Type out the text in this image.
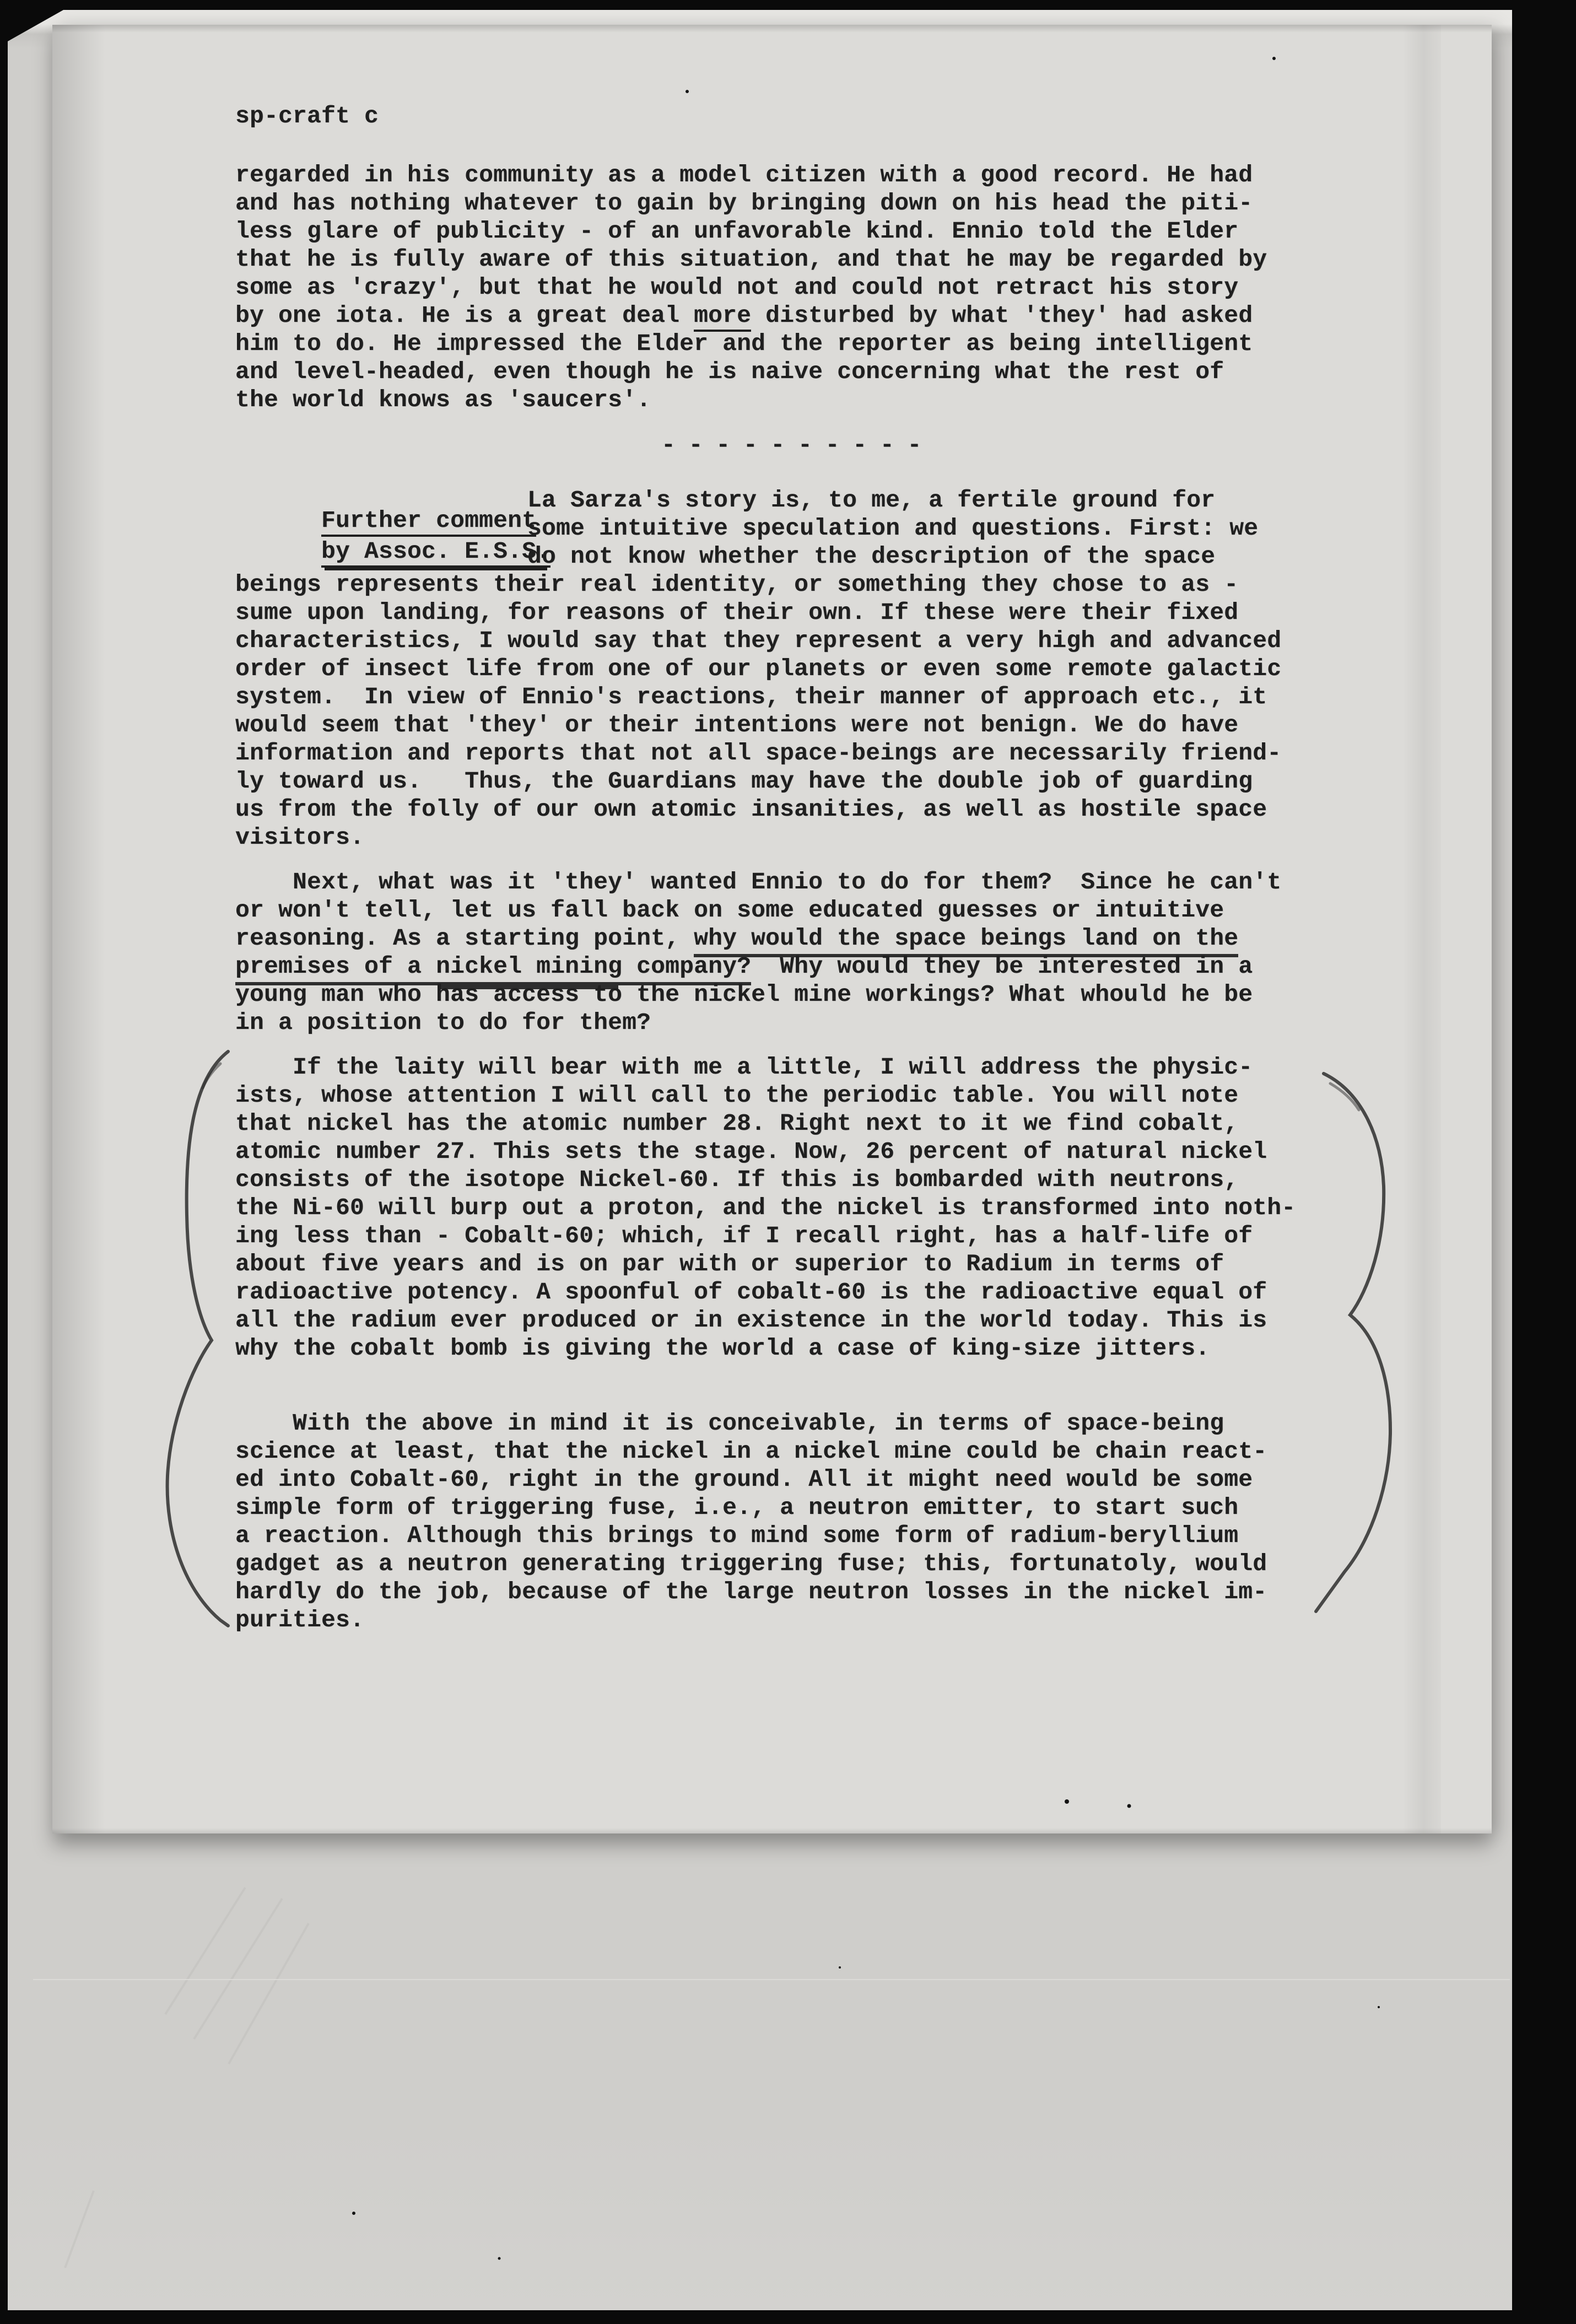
sp-craft c
regarded in his community as a model citizen with a good record. He had
and has nothing whatever to gain by bringing down on his head the piti-
less glare of publicity - of an unfavorable kind. Ennio told the Elder
that he is fully aware of this situation, and that he may be regarded by
some as 'crazy', but that he would not and could not retract his story
by one iota. He is a great deal more disturbed by what 'they' had asked
him to do. He impressed the Elder and the reporter as being intelligent
and level-headed, even though he is naive concerning what the rest of
the world knows as 'saucers'.
- - - - - - - - - -

Further comment

by Assoc. E.S.S.

La Sarza's story is, to me, a fertile ground for
some intuitive speculation and questions. First: we
do not know whether the description of the space
beings represents their real identity, or something they chose to as -
sume upon landing, for reasons of their own. If these were their fixed
characteristics, I would say that they represent a very high and advanced
order of insect life from one of our planets or even some remote galactic
system.  In view of Ennio's reactions, their manner of approach etc., it
would seem that 'they' or their intentions were not benign. We do have
information and reports that not all space-beings are necessarily friend-
ly toward us.   Thus, the Guardians may have the double job of guarding
us from the folly of our own atomic insanities, as well as hostile space
visitors.
Next, what was it 'they' wanted Ennio to do for them?  Since he can't
or won't tell, let us fall back on some educated guesses or intuitive
reasoning. As a starting point, why would the space beings land on the
premises of a nickel mining company?  Why would they be interested in a
young man who has access to the nickel mine workings? What whould he be
in a position to do for them?
If the laity will bear with me a little, I will address the physic-
ists, whose attention I will call to the periodic table. You will note
that nickel has the atomic number 28. Right next to it we find cobalt,
atomic number 27. This sets the stage. Now, 26 percent of natural nickel
consists of the isotope Nickel-60. If this is bombarded with neutrons,
the Ni-60 will burp out a proton, and the nickel is transformed into noth-
ing less than - Cobalt-60; which, if I recall right, has a half-life of
about five years and is on par with or superior to Radium in terms of
radioactive potency. A spoonful of cobalt-60 is the radioactive equal of
all the radium ever produced or in existence in the world today. This is
why the cobalt bomb is giving the world a case of king-size jitters.
With the above in mind it is conceivable, in terms of space-being
science at least, that the nickel in a nickel mine could be chain react-
ed into Cobalt-60, right in the ground. All it might need would be some
simple form of triggering fuse, i.e., a neutron emitter, to start such
a reaction. Although this brings to mind some form of radium-beryllium
gadget as a neutron generating triggering fuse; this, fortunatoly, would
hardly do the job, because of the large neutron losses in the nickel im-
purities.
